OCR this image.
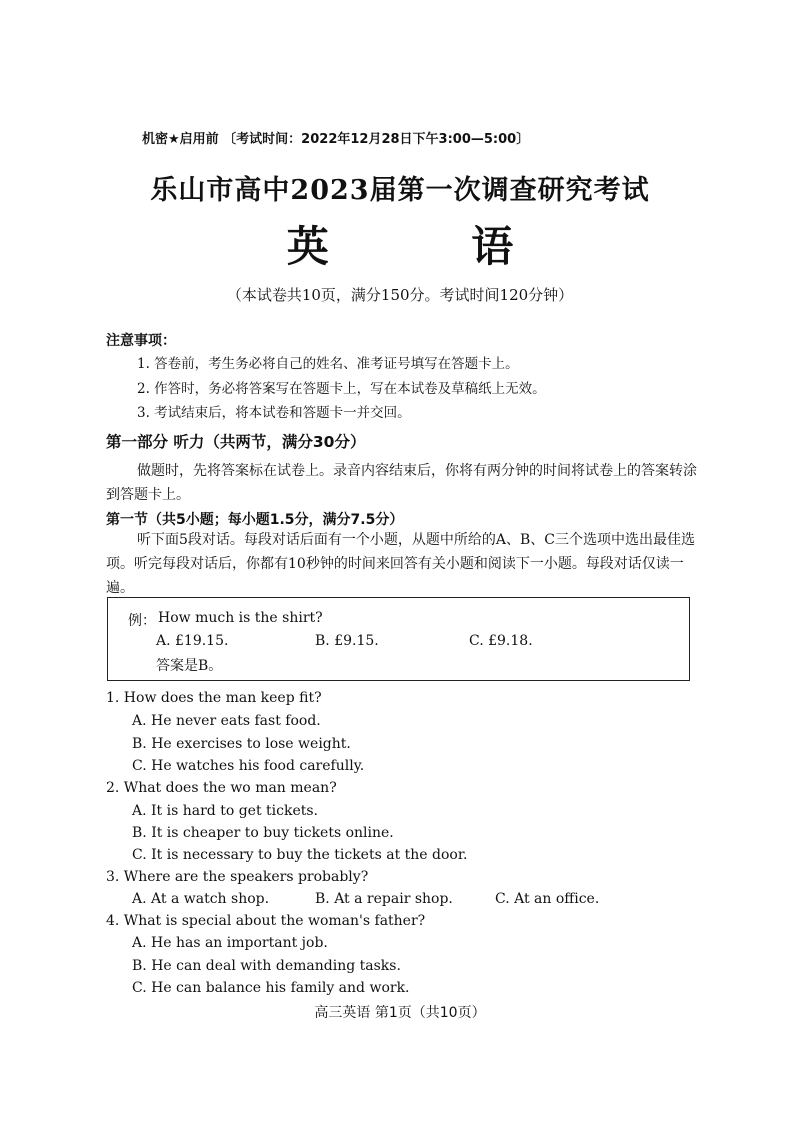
机密★启用前 〔考试时间：2022年12月28日下午3:00—5:00〕
乐山市高中2023届第一次调查研究考试
英 语
（本试卷共10页，满分150分。考试时间120分钟）
注意事项：
1. 答卷前，考生务必将自己的姓名、准考证号填写在答题卡上。
2. 作答时，务必将答案写在答题卡上，写在本试卷及草稿纸上无效。
3. 考试结束后，将本试卷和答题卡一并交回。
第一部分 听力（共两节，满分30分）
做题时，先将答案标在试卷上。录音内容结束后，你将有两分钟的时间将试卷上的答案转涂到答题卡上。
第一节（共5小题；每小题1.5分，满分7.5分）
听下面5段对话。每段对话后面有一个小题，从题中所给的A、B、C三个选项中选出最佳选项。听完每段对话后，你都有10秒钟的时间来回答有关小题和阅读下一小题。每段对话仅读一遍。
例： How much is the shirt?
A. £19.15.	B. £9.15.	C. £9.18.
答案是B。
1. How does the man keep fit?
A. He never eats fast food.
B. He exercises to lose weight.
C. He watches his food carefully.
2. What does the wo man mean?
A. It is hard to get tickets.
B. It is cheaper to buy tickets online.
C. It is necessary to buy the tickets at the door.
3. Where are the speakers probably?
A. At a watch shop.	B. At a repair shop.	C. At an office.
4. What is special about the woman's father?
A. He has an important job.
B. He can deal with demanding tasks.
C. He can balance his family and work.
高三英语 第1页（共10页）
